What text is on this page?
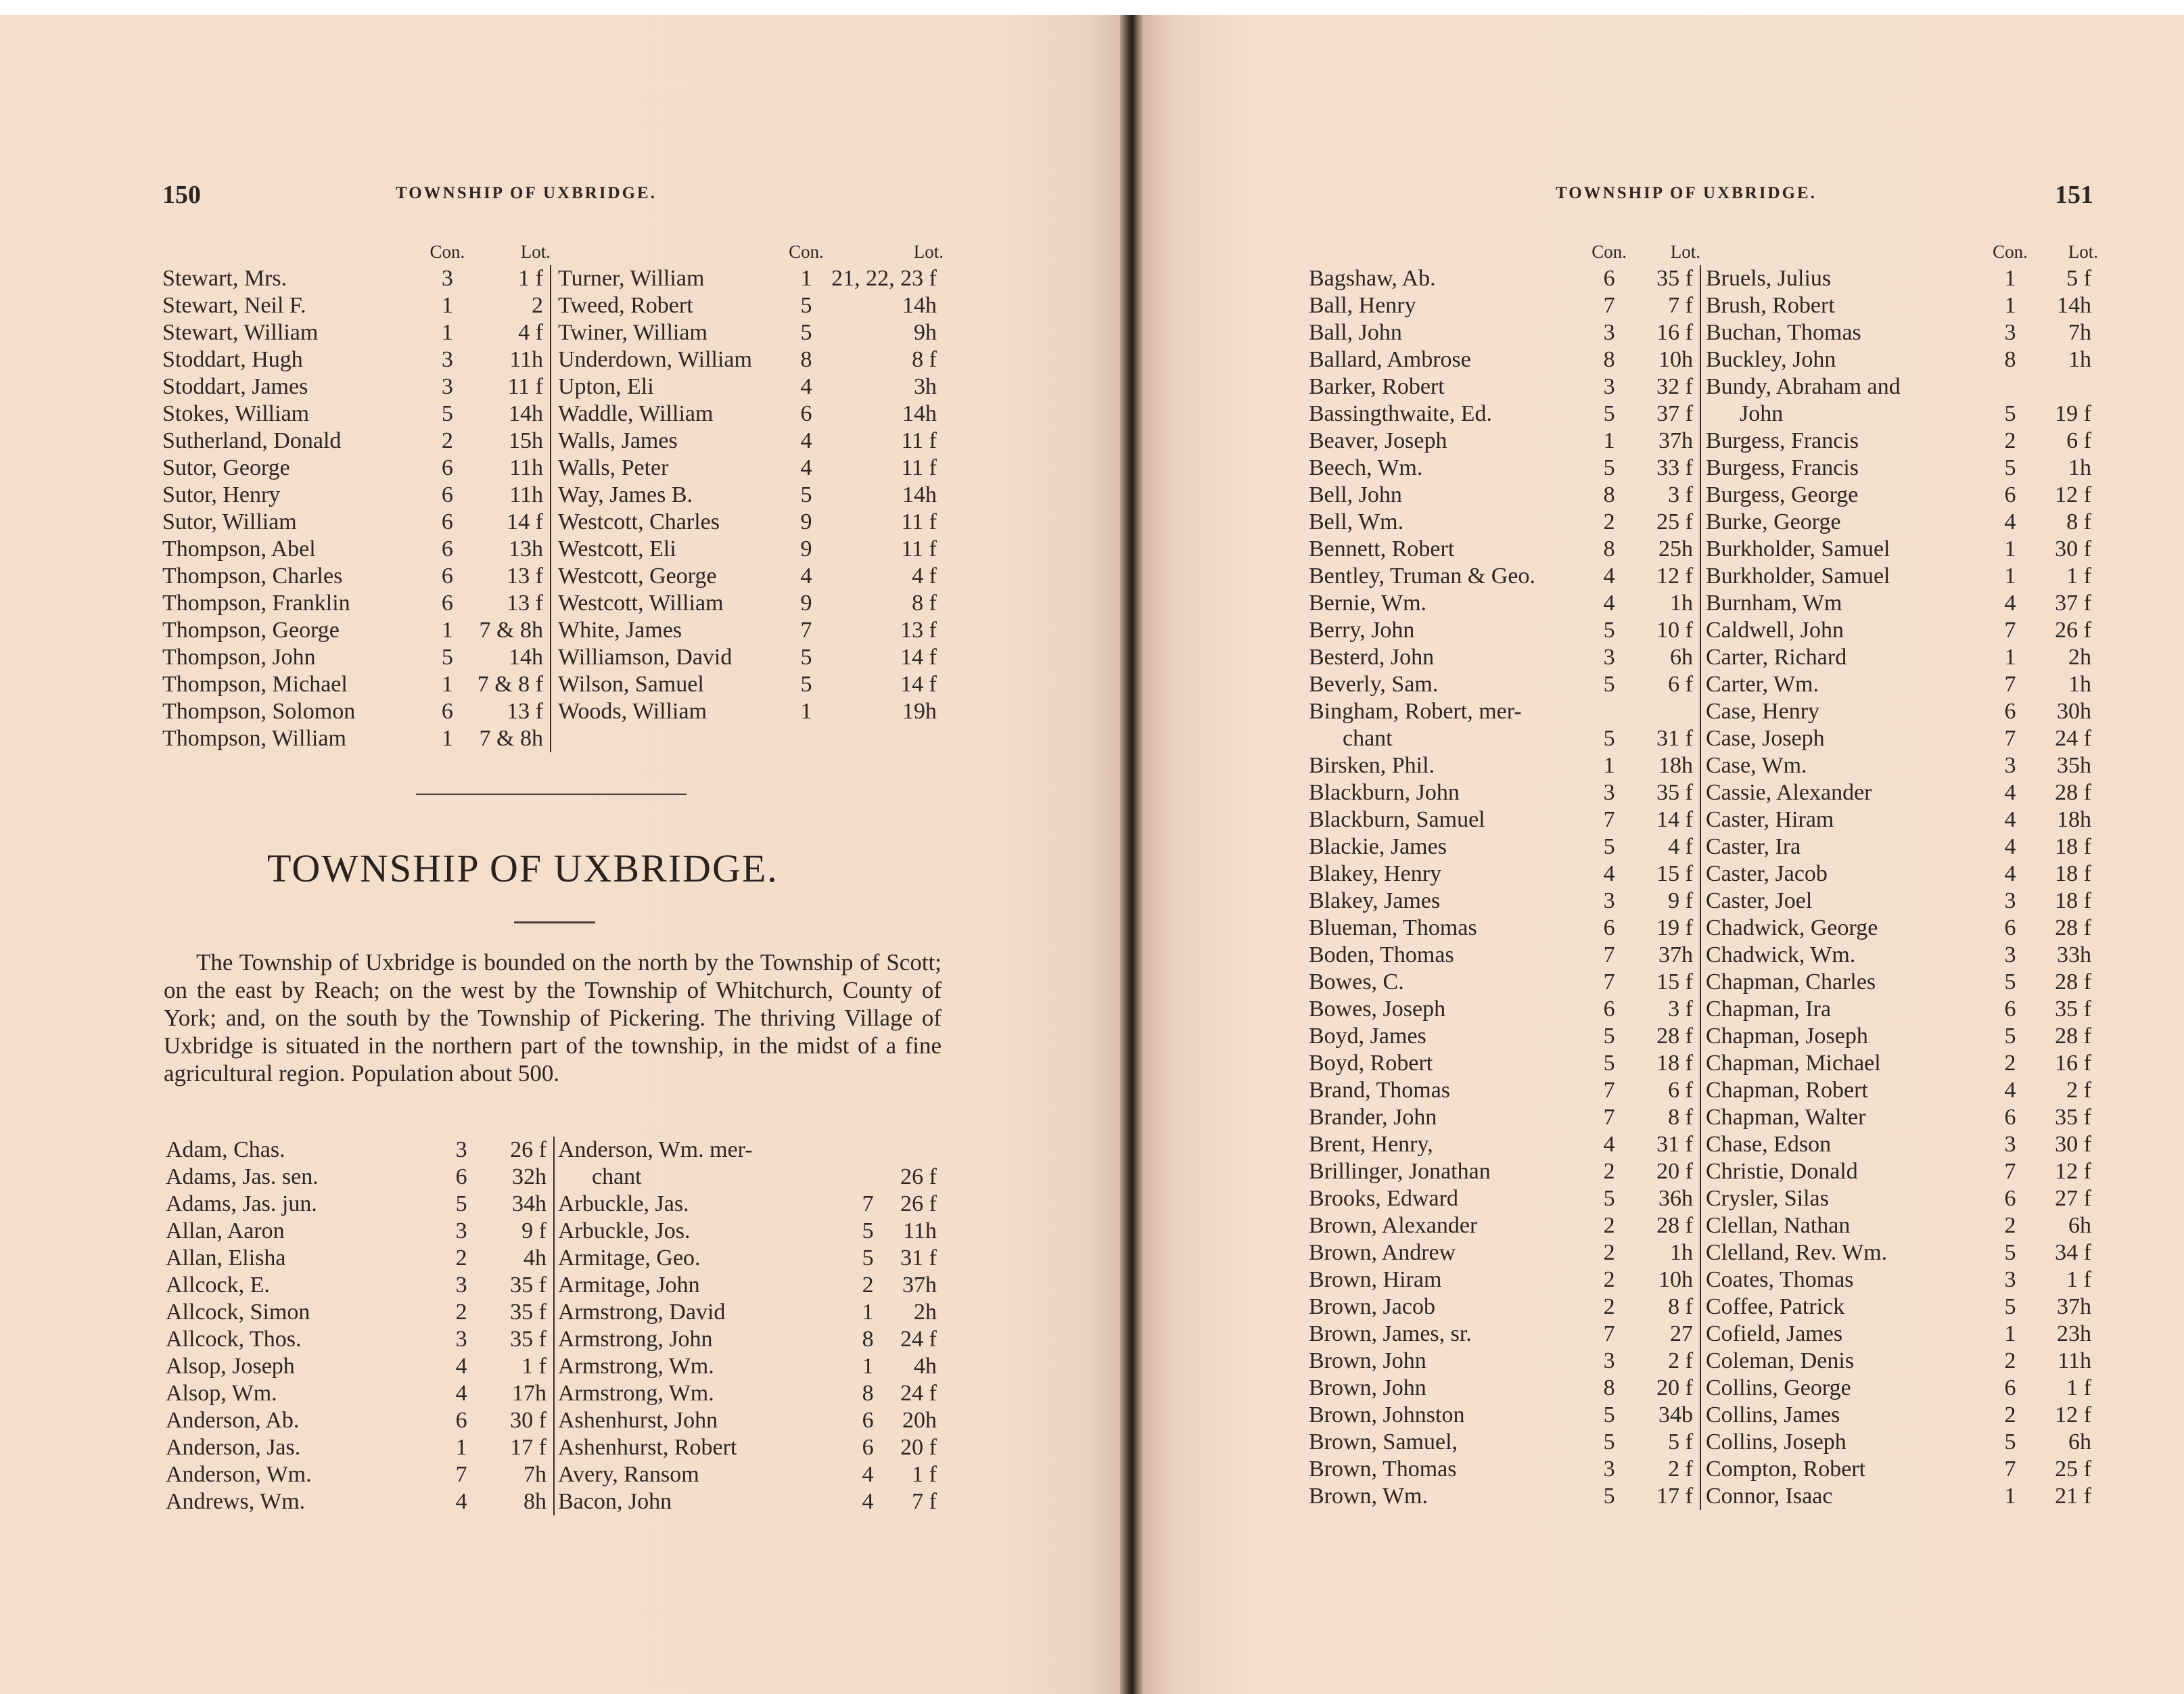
150	TOWNSHIP OF UXBRIDGE.
	Con.	Lot.
Stewart, Mrs.	3	1 f
Stewart, Neil F.	1	2
Stewart, William	1	4 f
Stoddart, Hugh	3	11h
Stoddart, James	3	11 f
Stokes, William	5	14h
Sutherland, Donald	2	15h
Sutor, George	6	11h
Sutor, Henry	6	11h
Sutor, William	6	14 f
Thompson, Abel	6	13h
Thompson, Charles	6	13 f
Thompson, Franklin	6	13 f
Thompson, George	1	7 & 8h
Thompson, John	5	14h
Thompson, Michael	1	7 & 8 f
Thompson, Solomon	6	13 f
Thompson, William	1	7 & 8h
	Con.	Lot.
Turner, William	1	21, 22, 23 f
Tweed, Robert	5	14h
Twiner, William	5	9h
Underdown, William	8	8 f
Upton, Eli	4	3h
Waddle, William	6	14h
Walls, James	4	11 f
Walls, Peter	4	11 f
Way, James B.	5	14h
Westcott, Charles	9	11 f
Westcott, Eli	9	11 f
Westcott, George	4	4 f
Westcott, William	9	8 f
White, James	7	13 f
Williamson, David	5	14 f
Wilson, Samuel	5	14 f
Woods, William	1	19h
TOWNSHIP OF UXBRIDGE.
The Township of Uxbridge is bounded on the north by the Township of Scott; on the east by Reach; on the west by the Township of Whitchurch, County of York; and, on the south by the Township of Pickering. The thriving Village of Uxbridge is situated in the northern part of the township, in the midst of a fine agricultural region. Population about 500.
Adam, Chas.	3	26 f
Adams, Jas. sen.	6	32h
Adams, Jas. jun.	5	34h
Allan, Aaron	3	9 f
Allan, Elisha	2	4h
Allcock, E.	3	35 f
Allcock, Simon	2	35 f
Allcock, Thos.	3	35 f
Alsop, Joseph	4	1 f
Alsop, Wm.	4	17h
Anderson, Ab.	6	30 f
Anderson, Jas.	1	17 f
Anderson, Wm.	7	7h
Andrews, Wm.	4	8h
Anderson, Wm. mer-		
chant		26 f
Arbuckle, Jas.	7	26 f
Arbuckle, Jos.	5	11h
Armitage, Geo.	5	31 f
Armitage, John	2	37h
Armstrong, David	1	2h
Armstrong, John	8	24 f
Armstrong, Wm.	1	4h
Armstrong, Wm.	8	24 f
Ashenhurst, John	6	20h
Ashenhurst, Robert	6	20 f
Avery, Ransom	4	1 f
Bacon, John	4	7 f
TOWNSHIP OF UXBRIDGE.	151
	Con.	Lot.
Bagshaw, Ab.	6	35 f
Ball, Henry	7	7 f
Ball, John	3	16 f
Ballard, Ambrose	8	10h
Barker, Robert	3	32 f
Bassingthwaite, Ed.	5	37 f
Beaver, Joseph	1	37h
Beech, Wm.	5	33 f
Bell, John	8	3 f
Bell, Wm.	2	25 f
Bennett, Robert	8	25h
Bentley, Truman & Geo.	4	12 f
Bernie, Wm.	4	1h
Berry, John	5	10 f
Besterd, John	3	6h
Beverly, Sam.	5	6 f
Bingham, Robert, mer-		
chant	5	31 f
Birsken, Phil.	1	18h
Blackburn, John	3	35 f
Blackburn, Samuel	7	14 f
Blackie, James	5	4 f
Blakey, Henry	4	15 f
Blakey, James	3	9 f
Blueman, Thomas	6	19 f
Boden, Thomas	7	37h
Bowes, C.	7	15 f
Bowes, Joseph	6	3 f
Boyd, James	5	28 f
Boyd, Robert	5	18 f
Brand, Thomas	7	6 f
Brander, John	7	8 f
Brent, Henry,	4	31 f
Brillinger, Jonathan	2	20 f
Brooks, Edward	5	36h
Brown, Alexander	2	28 f
Brown, Andrew	2	1h
Brown, Hiram	2	10h
Brown, Jacob	2	8 f
Brown, James, sr.	7	27
Brown, John	3	2 f
Brown, John	8	20 f
Brown, Johnston	5	34b
Brown, Samuel,	5	5 f
Brown, Thomas	3	2 f
Brown, Wm.	5	17 f
	Con.	Lot.
Bruels, Julius	1	5 f
Brush, Robert	1	14h
Buchan, Thomas	3	7h
Buckley, John	8	1h
Bundy, Abraham and		
John	5	19 f
Burgess, Francis	2	6 f
Burgess, Francis	5	1h
Burgess, George	6	12 f
Burke, George	4	8 f
Burkholder, Samuel	1	30 f
Burkholder, Samuel	1	1 f
Burnham, Wm	4	37 f
Caldwell, John	7	26 f
Carter, Richard	1	2h
Carter, Wm.	7	1h
Case, Henry	6	30h
Case, Joseph	7	24 f
Case, Wm.	3	35h
Cassie, Alexander	4	28 f
Caster, Hiram	4	18h
Caster, Ira	4	18 f
Caster, Jacob	4	18 f
Caster, Joel	3	18 f
Chadwick, George	6	28 f
Chadwick, Wm.	3	33h
Chapman, Charles	5	28 f
Chapman, Ira	6	35 f
Chapman, Joseph	5	28 f
Chapman, Michael	2	16 f
Chapman, Robert	4	2 f
Chapman, Walter	6	35 f
Chase, Edson	3	30 f
Christie, Donald	7	12 f
Crysler, Silas	6	27 f
Clellan, Nathan	2	6h
Clelland, Rev. Wm.	5	34 f
Coates, Thomas	3	1 f
Coffee, Patrick	5	37h
Cofield, James	1	23h
Coleman, Denis	2	11h
Collins, George	6	1 f
Collins, James	2	12 f
Collins, Joseph	5	6h
Compton, Robert	7	25 f
Connor, Isaac	1	21 f
